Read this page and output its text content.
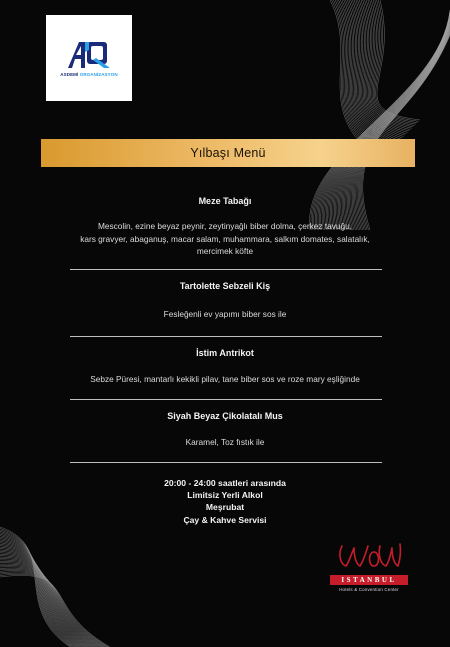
ASDEMİ ORGANİZASYON
Yılbaşı Menü
Meze Tabağı
Mescolin, ezine beyaz peynir, zeytinyağlı biber dolma, çerkez tavuğu,
kars gravyer, abaganuş, macar salam, muhammara, salkım domates, salatalık,
mercimek köfte
Tartolette Sebzeli Kiş
Fesleğenli ev yapımı biber sos ile
İstim Antrikot
Sebze Püresi, mantarlı kekikli pilav, tane biber sos ve roze mary eşliğinde
Siyah Beyaz Çikolatalı Mus
Karamel, Toz fıstık ile
20:00 - 24:00 saatleri arasında
Limitsiz Yerli Alkol
Meşrubat
Çay & Kahve Servisi
ISTANBUL
Hotels & Convention Center
